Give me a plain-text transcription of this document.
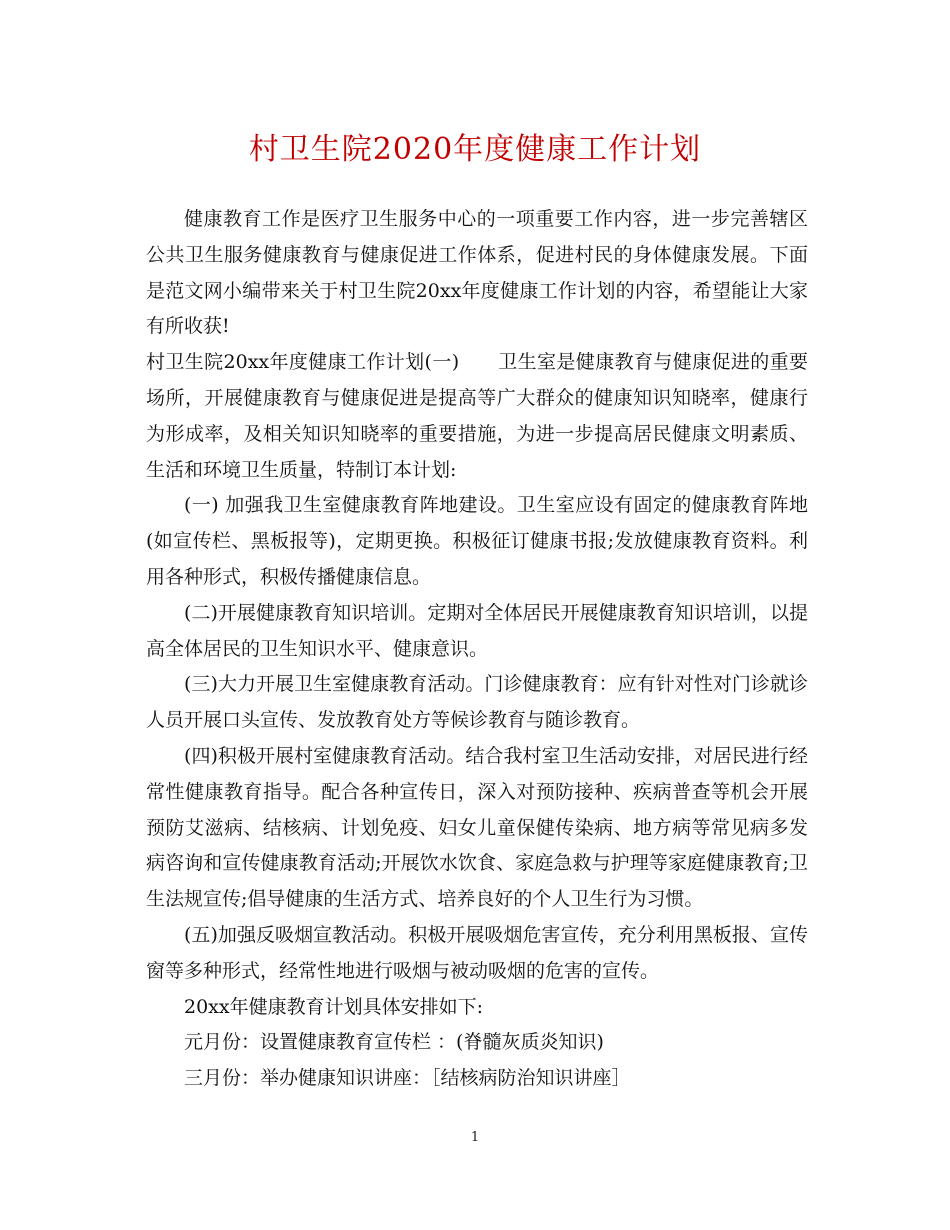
村卫生院2020年度健康工作计划

健康教育工作是医疗卫生服务中心的一项重要工作内容，进一步完善辖区公共卫生服务健康教育与健康促进工作体系，促进村民的身体健康发展。下面是范文网小编带来关于村卫生院20xx年度健康工作计划的内容，希望能让大家有所收获!

村卫生院20xx年度健康工作计划(一)　　卫生室是健康教育与健康促进的重要场所，开展健康教育与健康促进是提高等广大群众的健康知识知晓率，健康行为形成率，及相关知识知晓率的重要措施，为进一步提高居民健康文明素质、 生活和环境卫生质量，特制订本计划:

(一) 加强我卫生室健康教育阵地建设。卫生室应设有固定的健康教育阵地(如宣传栏、黑板报等)，定期更换。积极征订健康书报;发放健康教育资料。利用各种形式，积极传播健康信息。

(二)开展健康教育知识培训。定期对全体居民开展健康教育知识培训，以提高全体居民的卫生知识水平、健康意识。

(三)大力开展卫生室健康教育活动。门诊健康教育：应有针对性对门诊就诊人员开展口头宣传、发放教育处方等候诊教育与随诊教育。

(四)积极开展村室健康教育活动。结合我村室卫生活动安排，对居民进行经常性健康教育指导。配合各种宣传日，深入对预防接种、疾病普查等机会开展预防艾滋病、结核病、计划免疫、妇女儿童保健传染病、地方病等常见病多发病咨询和宣传健康教育活动;开展饮水饮食、家庭急救与护理等家庭健康教育;卫生法规宣传;倡导健康的生活方式、培养良好的个人卫生行为习惯。

(五)加强反吸烟宣教活动。积极开展吸烟危害宣传，充分利用黑板报、宣传窗等多种形式，经常性地进行吸烟与被动吸烟的危害的宣传。

20xx年健康教育计划具体安排如下:

元月份：设置健康教育宣传栏 ：(脊髓灰质炎知识)

三月份：举办健康知识讲座：［结核病防治知识讲座］

1
